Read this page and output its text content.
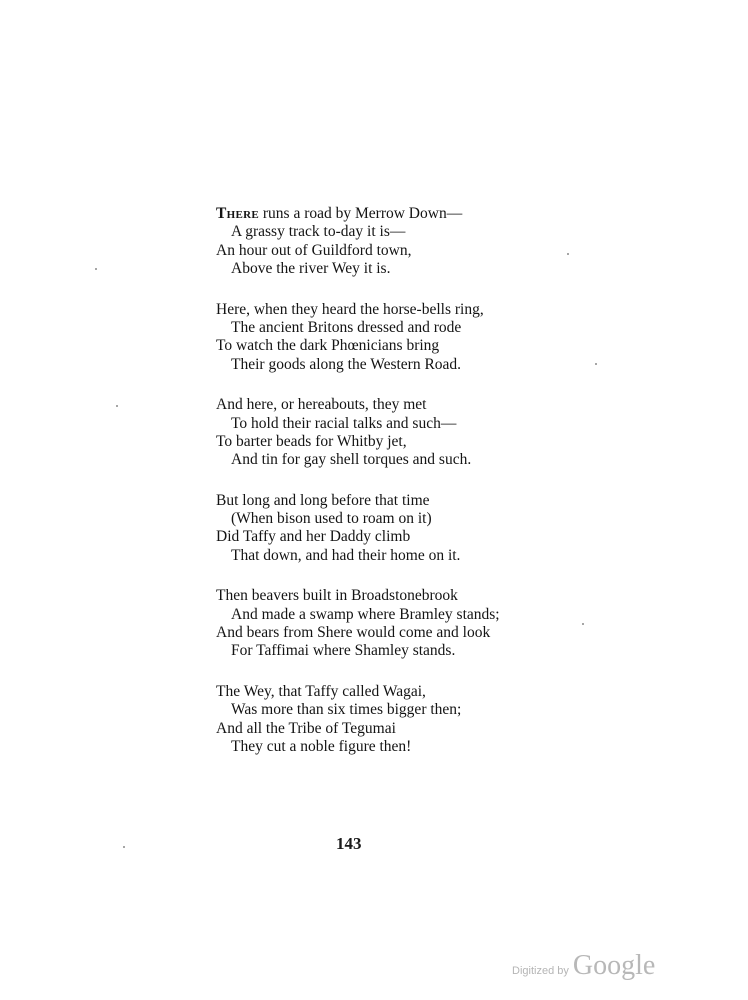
There runs a road by Merrow Down—
A grassy track to-day it is—
An hour out of Guildford town,
Above the river Wey it is.
Here, when they heard the horse-bells ring,
The ancient Britons dressed and rode
To watch the dark Phœnicians bring
Their goods along the Western Road.
And here, or hereabouts, they met
To hold their racial talks and such—
To barter beads for Whitby jet,
And tin for gay shell torques and such.
But long and long before that time
(When bison used to roam on it)
Did Taffy and her Daddy climb
That down, and had their home on it.
Then beavers built in Broadstonebrook
And made a swamp where Bramley stands;
And bears from Shere would come and look
For Taffimai where Shamley stands.
The Wey, that Taffy called Wagai,
Was more than six times bigger then;
And all the Tribe of Tegumai
They cut a noble figure then!
143
Digitized by Google
